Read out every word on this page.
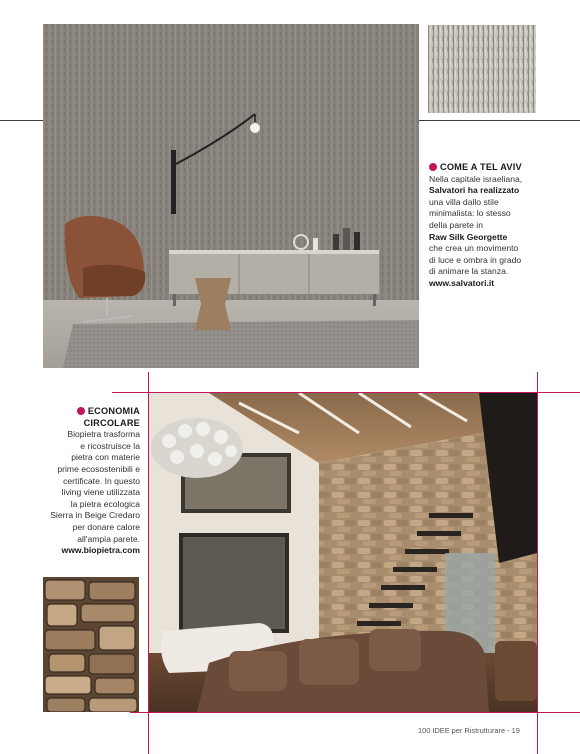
COME A TEL AVIV
Nella capitale israeliana,
Salvatori ha realizzato
una villa dallo stile
minimalista: lo stesso
della parete in
Raw Silk Georgette
che crea un movimento
di luce e ombra in grado
di animare la stanza.
www.salvatori.it
ECONOMIA
CIRCOLARE
Biopietra trasforma
e ricostruisce la
pietra con materie
prime ecosostenibili e
certificate. In questo
living viene utilizzata
la pietra ecologica
Sierra in Beige Credaro
per donare calore
all'ampia parete.
www.biopietra.com
100 IDEE per Ristrutturare - 19
